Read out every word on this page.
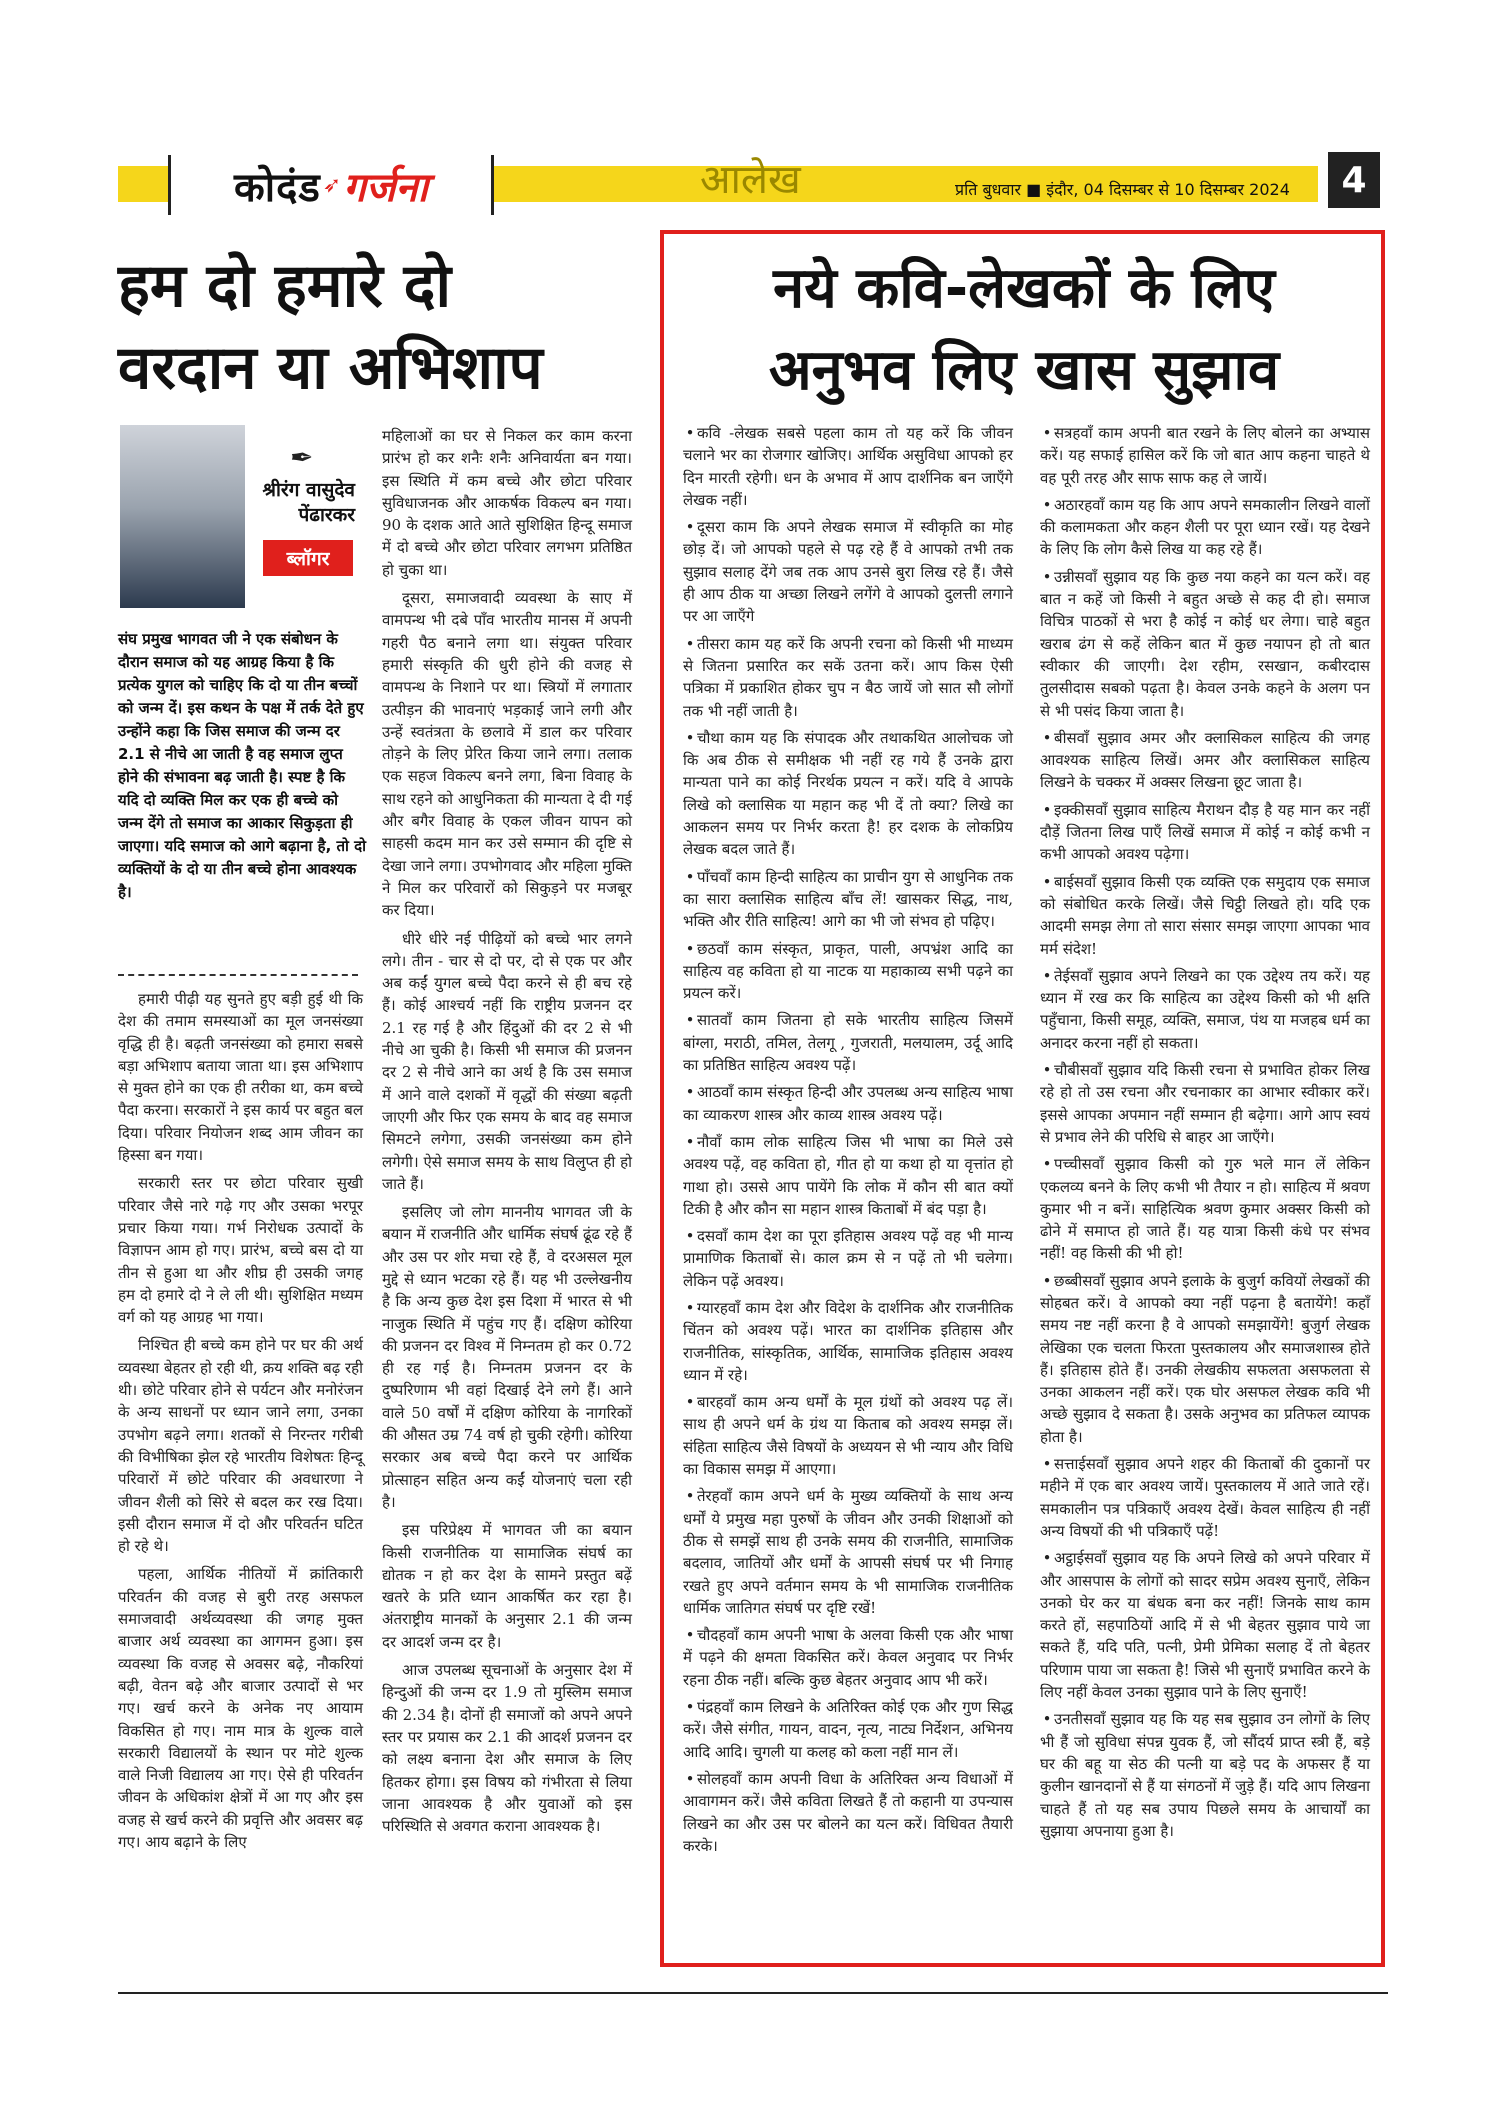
कोदंड ➶ गर्जना	आलेख	प्रति बुधवार ■ इंदौर, 04 दिसम्बर से 10 दिसम्बर 2024	4
हम दो हमारे दो
वरदान या अभिशाप
✒
श्रीरंग वासुदेव पेंढारकर
ब्लॉगर
संघ प्रमुख भागवत जी ने एक संबोधन के दौरान समाज को यह आग्रह किया है कि प्रत्येक युगल को चाहिए कि दो या तीन बच्चों को जन्म दें। इस कथन के पक्ष में तर्क देते हुए उन्होंने कहा कि जिस समाज की जन्म दर 2.1 से नीचे आ जाती है वह समाज लुप्त होने की संभावना बढ़ जाती है। स्पष्ट है कि यदि दो व्यक्ति मिल कर एक ही बच्चे को जन्म देंगे तो समाज का आकार सिकुड़ता ही जाएगा। यदि समाज को आगे बढ़ाना है, तो दो व्यक्तियों के दो या तीन बच्चे होना आवश्यक है।

हमारी पीढ़ी यह सुनते हुए बड़ी हुई थी कि देश की तमाम समस्याओं का मूल जनसंख्या वृद्धि ही है। बढ़ती जनसंख्या को हमारा सबसे बड़ा अभिशाप बताया जाता था। इस अभिशाप से मुक्त होने का एक ही तरीका था, कम बच्चे पैदा करना। सरकारों ने इस कार्य पर बहुत बल दिया। परिवार नियोजन शब्द आम जीवन का हिस्सा बन गया।

सरकारी स्तर पर छोटा परिवार सुखी परिवार जैसे नारे गढ़े गए और उसका भरपूर प्रचार किया गया। गर्भ निरोधक उत्पादों के विज्ञापन आम हो गए। प्रारंभ, बच्चे बस दो या तीन से हुआ था और शीघ्र ही उसकी जगह हम दो हमारे दो ने ले ली थी। सुशिक्षित मध्यम वर्ग को यह आग्रह भा गया।

निश्चित ही बच्चे कम होने पर घर की अर्थ व्यवस्था बेहतर हो रही थी, क्रय शक्ति बढ़ रही थी। छोटे परिवार होने से पर्यटन और मनोरंजन के अन्य साधनों पर ध्यान जाने लगा, उनका उपभोग बढ़ने लगा। शतकों से निरन्तर गरीबी की विभीषिका झेल रहे भारतीय विशेषतः हिन्दू परिवारों में छोटे परिवार की अवधारणा ने जीवन शैली को सिरे से बदल कर रख दिया। इसी दौरान समाज में दो और परिवर्तन घटित हो रहे थे।

पहला, आर्थिक नीतियों में क्रांतिकारी परिवर्तन की वजह से बुरी तरह असफल समाजवादी अर्थव्यवस्था की जगह मुक्त बाजार अर्थ व्यवस्था का आगमन हुआ। इस व्यवस्था कि वजह से अवसर बढ़े, नौकरियां बढ़ी, वेतन बढ़े और बाजार उत्पादों से भर गए। खर्च करने के अनेक नए आयाम विकसित हो गए। नाम मात्र के शुल्क वाले सरकारी विद्यालयों के स्थान पर मोटे शुल्क वाले निजी विद्यालय आ गए। ऐसे ही परिवर्तन जीवन के अधिकांश क्षेत्रों में आ गए और इस वजह से खर्च करने की प्रवृत्ति और अवसर बढ़ गए। आय बढ़ाने के लिए

महिलाओं का घर से निकल कर काम करना प्रारंभ हो कर शनैः शनैः अनिवार्यता बन गया। इस स्थिति में कम बच्चे और छोटा परिवार सुविधाजनक और आकर्षक विकल्प बन गया। 90 के दशक आते आते सुशिक्षित हिन्दू समाज में दो बच्चे और छोटा परिवार लगभग प्रतिष्ठित हो चुका था।

दूसरा, समाजवादी व्यवस्था के साए में वामपन्थ भी दबे पाँव भारतीय मानस में अपनी गहरी पैठ बनाने लगा था। संयुक्त परिवार हमारी संस्कृति की धुरी होने की वजह से वामपन्थ के निशाने पर था। स्त्रियों में लगातार उत्पीड़न की भावनाएं भड़काई जाने लगी और उन्हें स्वतंत्रता के छलावे में डाल कर परिवार तोड़ने के लिए प्रेरित किया जाने लगा। तलाक एक सहज विकल्प बनने लगा, बिना विवाह के साथ रहने को आधुनिकता की मान्यता दे दी गई और बगैर विवाह के एकल जीवन यापन को साहसी कदम मान कर उसे सम्मान की दृष्टि से देखा जाने लगा। उपभोगवाद और महिला मुक्ति ने मिल कर परिवारों को सिकुड़ने पर मजबूर कर दिया।

धीरे धीरे नई पीढ़ियों को बच्चे भार लगने लगे। तीन - चार से दो पर, दो से एक पर और अब कईं युगल बच्चे पैदा करने से ही बच रहे हैं। कोई आश्चर्य नहीं कि राष्ट्रीय प्रजनन दर 2.1 रह गई है और हिंदुओं की दर 2 से भी नीचे आ चुकी है। किसी भी समाज की प्रजनन दर 2 से नीचे आने का अर्थ है कि उस समाज में आने वाले दशकों में वृद्धों की संख्या बढ़ती जाएगी और फिर एक समय के बाद वह समाज सिमटने लगेगा, उसकी जनसंख्या कम होने लगेगी। ऐसे समाज समय के साथ विलुप्त ही हो जाते हैं।

इसलिए जो लोग माननीय भागवत जी के बयान में राजनीति और धार्मिक संघर्ष ढूंढ रहे हैं और उस पर शोर मचा रहे हैं, वे दरअसल मूल मुद्दे से ध्यान भटका रहे हैं। यह भी उल्लेखनीय है कि अन्य कुछ देश इस दिशा में भारत से भी नाजुक स्थिति में पहुंच गए हैं। दक्षिण कोरिया की प्रजनन दर विश्व में निम्नतम हो कर 0.72 ही रह गई है। निम्नतम प्रजनन दर के दुष्परिणाम भी वहां दिखाई देने लगे हैं। आने वाले 50 वर्षों में दक्षिण कोरिया के नागरिकों की औसत उम्र 74 वर्ष हो चुकी रहेगी। कोरिया सरकार अब बच्चे पैदा करने पर आर्थिक प्रोत्साहन सहित अन्य कईं योजनाएं चला रही है।

इस परिप्रेक्ष्य में भागवत जी का बयान किसी राजनीतिक या सामाजिक संघर्ष का द्योतक न हो कर देश के सामने प्रस्तुत बढ़ें खतरे के प्रति ध्यान आकर्षित कर रहा है। अंतराष्ट्रीय मानकों के अनुसार 2.1 की जन्म दर आदर्श जन्म दर है।

आज उपलब्ध सूचनाओं के अनुसार देश में हिन्दुओं की जन्म दर 1.9 तो मुस्लिम समाज की 2.34 है। दोनों ही समाजों को अपने अपने स्तर पर प्रयास कर 2.1 की आदर्श प्रजनन दर को लक्ष्य बनाना देश और समाज के लिए हितकर होगा। इस विषय को गंभीरता से लिया जाना आवश्यक है और युवाओं को इस परिस्थिति से अवगत कराना आवश्यक है।

नये कवि-लेखकों के लिए
अनुभव लिए खास सुझाव

• कवि -लेखक सबसे पहला काम तो यह करें कि जीवन चलाने भर का रोजगार खोजिए। आर्थिक असुविधा आपको हर दिन मारती रहेगी। धन के अभाव में आप दार्शनिक बन जाएँगे लेखक नहीं।

• दूसरा काम कि अपने लेखक समाज में स्वीकृति का मोह छोड़ दें। जो आपको पहले से पढ़ रहे हैं वे आपको तभी तक सुझाव सलाह देंगे जब तक आप उनसे बुरा लिख रहे हैं। जैसे ही आप ठीक या अच्छा लिखने लगेंगे वे आपको दुलत्ती लगाने पर आ जाएँगे

• तीसरा काम यह करें कि अपनी रचना को किसी भी माध्यम से जितना प्रसारित कर सकें उतना करें। आप किस ऐसी पत्रिका में प्रकाशित होकर चुप न बैठ जायें जो सात सौ लोगों तक भी नहीं जाती है।

• चौथा काम यह कि संपादक और तथाकथित आलोचक जो कि अब ठीक से समीक्षक भी नहीं रह गये हैं उनके द्वारा मान्यता पाने का कोई निरर्थक प्रयत्न न करें। यदि वे आपके लिखे को क्लासिक या महान कह भी दें तो क्या? लिखे का आकलन समय पर निर्भर करता है! हर दशक के लोकप्रिय लेखक बदल जाते हैं।

• पाँचवाँ काम हिन्दी साहित्य का प्राचीन युग से आधुनिक तक का सारा क्लासिक साहित्य बाँच लें! खासकर सिद्ध, नाथ, भक्ति और रीति साहित्य! आगे का भी जो संभव हो पढ़िए।

• छठवाँ काम संस्कृत, प्राकृत, पाली, अपभ्रंश आदि का साहित्य वह कविता हो या नाटक या महाकाव्य सभी पढ़ने का प्रयत्न करें।

• सातवाँ काम जितना हो सके भारतीय साहित्य जिसमें बांग्ला, मराठी, तमिल, तेलगू , गुजराती, मलयालम, उर्दू आदि का प्रतिष्ठित साहित्य अवश्य पढ़ें।

• आठवाँ काम संस्कृत हिन्दी और उपलब्ध अन्य साहित्य भाषा का व्याकरण शास्त्र और काव्य शास्त्र अवश्य पढ़ें।

• नौवाँ काम लोक साहित्य जिस भी भाषा का मिले उसे अवश्य पढ़ें, वह कविता हो, गीत हो या कथा हो या वृत्तांत हो गाथा हो। उससे आप पायेंगे कि लोक में कौन सी बात क्यों टिकी है और कौन सा महान शास्त्र किताबों में बंद पड़ा है।

• दसवाँ काम देश का पूरा इतिहास अवश्य पढ़ें वह भी मान्य प्रामाणिक किताबों से। काल क्रम से न पढ़ें तो भी चलेगा। लेकिन पढ़ें अवश्य।

• ग्यारहवाँ काम देश और विदेश के दार्शनिक और राजनीतिक चिंतन को अवश्य पढ़ें। भारत का दार्शनिक इतिहास और राजनीतिक, सांस्कृतिक, आर्थिक, सामाजिक इतिहास अवश्य ध्यान में रहे।

• बारहवाँ काम अन्य धर्मों के मूल ग्रंथों को अवश्य पढ़ लें। साथ ही अपने धर्म के ग्रंथ या किताब को अवश्य समझ लें। संहिता साहित्य जैसे विषयों के अध्ययन से भी न्याय और विधि का विकास समझ में आएगा।

• तेरहवाँ काम अपने धर्म के मुख्य व्यक्तियों के साथ अन्य धर्मों ये प्रमुख महा पुरुषों के जीवन और उनकी शिक्षाओं को ठीक से समझें साथ ही उनके समय की राजनीति, सामाजिक बदलाव, जातियों और धर्मों के आपसी संघर्ष पर भी निगाह रखते हुए अपने वर्तमान समय के भी सामाजिक राजनीतिक धार्मिक जातिगत संघर्ष पर दृष्टि रखें!

• चौदहवाँ काम अपनी भाषा के अलवा किसी एक और भाषा में पढ़ने की क्षमता विकसित करें। केवल अनुवाद पर निर्भर रहना ठीक नहीं। बल्कि कुछ बेहतर अनुवाद आप भी करें।

• पंद्रहवाँ काम लिखने के अतिरिक्त कोई एक और गुण सिद्ध करें। जैसे संगीत, गायन, वादन, नृत्य, नाट्य निर्देशन, अभिनय आदि आदि। चुगली या कलह को कला नहीं मान लें।

• सोलहवाँ काम अपनी विधा के अतिरिक्त अन्य विधाओं में आवागमन करें। जैसे कविता लिखते हैं तो कहानी या उपन्यास लिखने का और उस पर बोलने का यत्न करें। विधिवत तैयारी करके।

• सत्रहवाँ काम अपनी बात रखने के लिए बोलने का अभ्यास करें। यह सफाई हासिल करें कि जो बात आप कहना चाहते थे वह पूरी तरह और साफ साफ कह ले जायें।

• अठारहवाँ काम यह कि आप अपने समकालीन लिखने वालों की कलामकता और कहन शैली पर पूरा ध्यान रखें। यह देखने के लिए कि लोग कैसे लिख या कह रहे हैं।

• उन्नीसवाँ सुझाव यह कि कुछ नया कहने का यत्न करें। वह बात न कहें जो किसी ने बहुत अच्छे से कह दी हो। समाज विचित्र पाठकों से भरा है कोई न कोई धर लेगा। चाहे बहुत खराब ढंग से कहें लेकिन बात में कुछ नयापन हो तो बात स्वीकार की जाएगी। देश रहीम, रसखान, कबीरदास तुलसीदास सबको पढ़ता है। केवल उनके कहने के अलग पन से भी पसंद किया जाता है।

• बीसवाँ सुझाव अमर और क्लासिकल साहित्य की जगह आवश्यक साहित्य लिखें। अमर और क्लासिकल साहित्य लिखने के चक्कर में अक्सर लिखना छूट जाता है।

• इक्कीसवाँ सुझाव साहित्य मैराथन दौड़ है यह मान कर नहीं दौड़ें जितना लिख पाएँ लिखें समाज में कोई न कोई कभी न कभी आपको अवश्य पढ़ेगा।

• बाईसवाँ सुझाव किसी एक व्यक्ति एक समुदाय एक समाज को संबोधित करके लिखें। जैसे चिट्ठी लिखते हो। यदि एक आदमी समझ लेगा तो सारा संसार समझ जाएगा आपका भाव मर्म संदेश!

• तेईसवाँ सुझाव अपने लिखने का एक उद्देश्य तय करें। यह ध्यान में रख कर कि साहित्य का उद्देश्य किसी को भी क्षति पहुँचाना, किसी समूह, व्यक्ति, समाज, पंथ या मजहब धर्म का अनादर करना नहीं हो सकता।

• चौबीसवाँ सुझाव यदि किसी रचना से प्रभावित होकर लिख रहे हो तो उस रचना और रचनाकार का आभार स्वीकार करें। इससे आपका अपमान नहीं सम्मान ही बढ़ेगा। आगे आप स्वयं से प्रभाव लेने की परिधि से बाहर आ जाएँगे।

• पच्चीसवाँ सुझाव किसी को गुरु भले मान लें लेकिन एकलव्य बनने के लिए कभी भी तैयार न हो। साहित्य में श्रवण कुमार भी न बनें। साहित्यिक श्रवण कुमार अक्सर किसी को ढोने में समाप्त हो जाते हैं। यह यात्रा किसी कंधे पर संभव नहीं! वह किसी की भी हो!

• छब्बीसवाँ सुझाव अपने इलाके के बुजुर्ग कवियों लेखकों की सोहबत करें। वे आपको क्या नहीं पढ़ना है बतायेंगे! कहाँ समय नष्ट नहीं करना है वे आपको समझायेंगे! बुजुर्ग लेखक लेखिका एक चलता फिरता पुस्तकालय और समाजशास्त्र होते हैं। इतिहास होते हैं। उनकी लेखकीय सफलता असफलता से उनका आकलन नहीं करें। एक घोर असफल लेखक कवि भी अच्छे सुझाव दे सकता है। उसके अनुभव का प्रतिफल व्यापक होता है।

• सत्ताईसवाँ सुझाव अपने शहर की किताबों की दुकानों पर महीने में एक बार अवश्य जायें। पुस्तकालय में आते जाते रहें। समकालीन पत्र पत्रिकाएँ अवश्य देखें। केवल साहित्य ही नहीं अन्य विषयों की भी पत्रिकाएँ पढ़ें!

• अट्ठाईसवाँ सुझाव यह कि अपने लिखे को अपने परिवार में और आसपास के लोगों को सादर सप्रेम अवश्य सुनाएँ, लेकिन उनको घेर कर या बंधक बना कर नहीं! जिनके साथ काम करते हों, सहपाठियों आदि में से भी बेहतर सुझाव पाये जा सकते हैं, यदि पति, पत्नी, प्रेमी प्रेमिका सलाह दें तो बेहतर परिणाम पाया जा सकता है! जिसे भी सुनाएँ प्रभावित करने के लिए नहीं केवल उनका सुझाव पाने के लिए सुनाएँ!

• उनतीसवाँ सुझाव यह कि यह सब सुझाव उन लोगों के लिए भी हैं जो सुविधा संपन्न युवक हैं, जो सौंदर्य प्राप्त स्त्री हैं, बड़े घर की बहू या सेठ की पत्नी या बड़े पद के अफसर हैं या कुलीन खानदानों से हैं या संगठनों में जुड़े हैं। यदि आप लिखना चाहते हैं तो यह सब उपाय पिछले समय के आचार्यों का सुझाया अपनाया हुआ है।
